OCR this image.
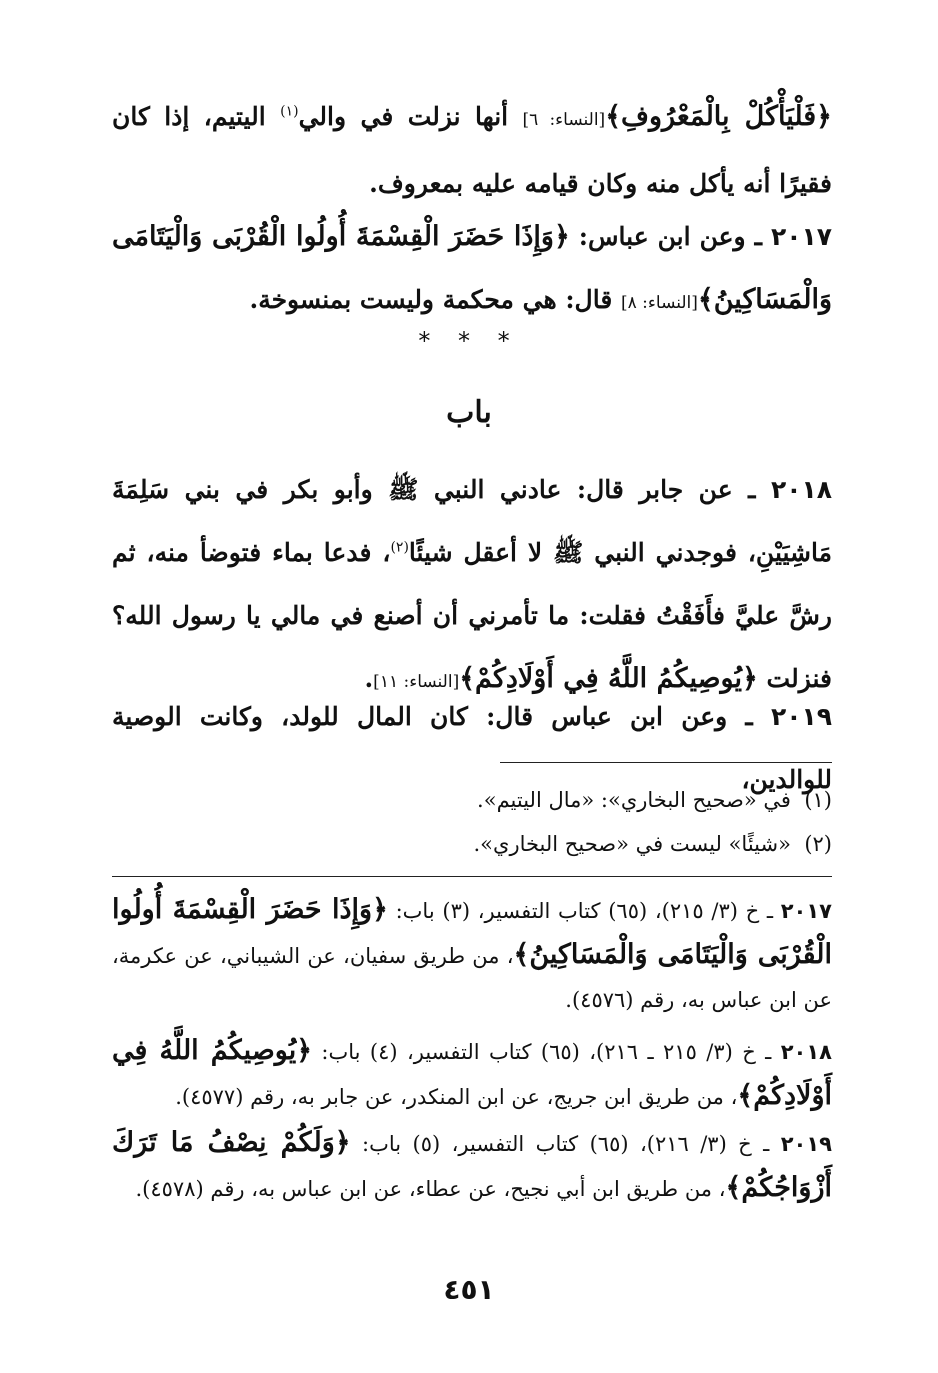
﴿فَلْيَأْكُلْ بِالْمَعْرُوفِ﴾[النساء: ٦] أنها نزلت في والي$^{(١)}$ اليتيم، إذا كان فقيرًا أنه يأكل منه وكان قيامه عليه بمعروف.
٢٠١٧ ـ وعن ابن عباس: ﴿وَإِذَا حَضَرَ الْقِسْمَةَ أُولُوا الْقُرْبَى وَالْيَتَامَى وَالْمَسَاكِينُ﴾[النساء: ٨] قال: هي محكمة وليست بمنسوخة.
* * *
باب
٢٠١٨ ـ عن جابر قال: عادني النبي ﷺ وأبو بكر في بني سَلِمَةَ مَاشِيَيْنِ، فوجدني النبي ﷺ لا أعقل شيئًا$^{(٢)}$، فدعا بماء فتوضأ منه، ثم رشَّ عليَّ فأَفَقْتُ فقلت: ما تأمرني أن أصنع في مالي يا رسول الله؟ فنزلت ﴿يُوصِيكُمُ اللَّهُ فِي أَوْلَادِكُمْ﴾[النساء: ١١].
٢٠١٩ ـ وعن ابن عباس قال: كان المال للولد، وكانت الوصية للوالدين،
(١)  في «صحيح البخاري»: «مال اليتيم».
(٢)  «شيئًا» ليست في «صحيح البخاري».
٢٠١٧ ـ خ (٣/ ٢١٥)، (٦٥) كتاب التفسير، (٣) باب: ﴿وَإِذَا حَضَرَ الْقِسْمَةَ أُولُوا الْقُرْبَى وَالْيَتَامَى وَالْمَسَاكِينُ﴾، من طريق سفيان، عن الشيباني، عن عكرمة، عن ابن عباس به، رقم (٤٥٧٦).
٢٠١٨ ـ خ (٣/ ٢١٥ ـ ٢١٦)، (٦٥) كتاب التفسير، (٤) باب: ﴿يُوصِيكُمُ اللَّهُ فِي أَوْلَادِكُمْ﴾، من طريق ابن جريج، عن ابن المنكدر، عن جابر به، رقم (٤٥٧٧).
٢٠١٩ ـ خ (٣/ ٢١٦)، (٦٥) كتاب التفسير، (٥) باب: ﴿وَلَكُمْ نِصْفُ مَا تَرَكَ أَزْوَاجُكُمْ﴾، من طريق ابن أبي نجيح، عن عطاء، عن ابن عباس به، رقم (٤٥٧٨).
٤٥١
